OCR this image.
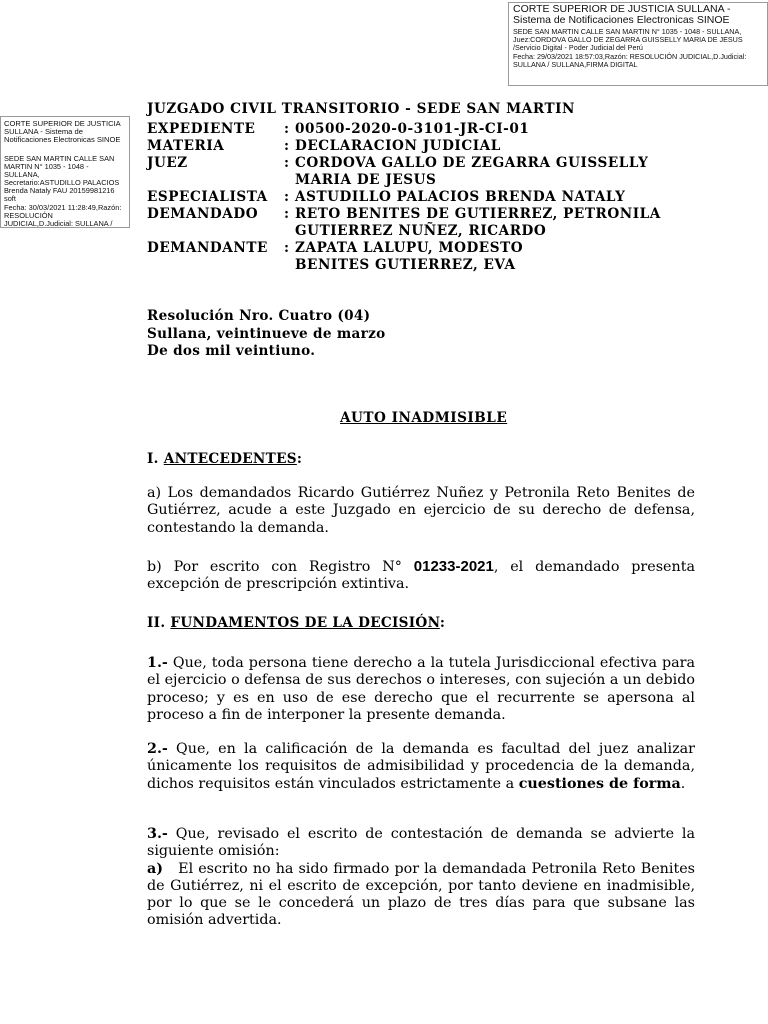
CORTE SUPERIOR DE JUSTICIA SULLANA -
Sistema de Notificaciones Electronicas SINOE
SEDE SAN MARTIN CALLE SAN MARTIN N° 1035 - 1048 - SULLANA,
Juez:CORDOVA GALLO DE ZEGARRA GUISSELLY MARIA DE JESUS
/Servicio Digital - Poder Judicial del Perú
Fecha: 29/03/2021 18:57:03,Razón: RESOLUCIÓN JUDICIAL,D.Judicial:
SULLANA / SULLANA,FIRMA DIGITAL
CORTE SUPERIOR DE JUSTICIA
SULLANA - Sistema de
Notificaciones Electronicas SINOE
SEDE SAN MARTIN CALLE SAN
MARTIN N° 1035 - 1048 -
SULLANA,
Secretario:ASTUDILLO PALACIOS
Brenda Nataly FAU 20159981216
soft
Fecha: 30/03/2021 11:28:49,Razón:
RESOLUCIÓN
JUDICIAL,D.Judicial: SULLANA /
JUZGADO CIVIL TRANSITORIO - SEDE SAN MARTIN
EXPEDIENTE : 00500-2020-0-3101-JR-CI-01
MATERIA	: DECLARACION JUDICIAL
JUEZ	: CORDOVA GALLO DE ZEGARRA GUISSELLY
MARIA DE JESUS
ESPECIALISTA : ASTUDILLO PALACIOS BRENDA NATALY
DEMANDADO : RETO BENITES DE GUTIERREZ, PETRONILA
GUTIERREZ NUÑEZ, RICARDO
DEMANDANTE : ZAPATA LALUPU, MODESTO
BENITES GUTIERREZ, EVA
Resolución Nro. Cuatro (04)
Sullana, veintinueve de marzo
De dos mil veintiuno.
AUTO INADMISIBLE
I. ANTECEDENTES:
a) Los demandados Ricardo Gutiérrez Nuñez y Petronila Reto Benites de Gutiérrez, acude a este Juzgado en ejercicio de su derecho de defensa, contestando la demanda.
b) Por escrito con Registro N° 01233-2021, el demandado presenta excepción de prescripción extintiva.
II. FUNDAMENTOS DE LA DECISIÓN:
1.- Que, toda persona tiene derecho a la tutela Jurisdiccional efectiva para el ejercicio o defensa de sus derechos o intereses, con sujeción a un debido proceso; y es en uso de ese derecho que el recurrente se apersona al proceso a fin de interponer la presente demanda.
2.- Que, en la calificación de la demanda es facultad del juez analizar únicamente los requisitos de admisibilidad y procedencia de la demanda, dichos requisitos están vinculados estrictamente a cuestiones de forma.
3.- Que, revisado el escrito de contestación de demanda se advierte la siguiente omisión:
a) El escrito no ha sido firmado por la demandada Petronila Reto Benites de Gutiérrez, ni el escrito de excepción, por tanto deviene en inadmisible, por lo que se le concederá un plazo de tres días para que subsane las omisión advertida.
